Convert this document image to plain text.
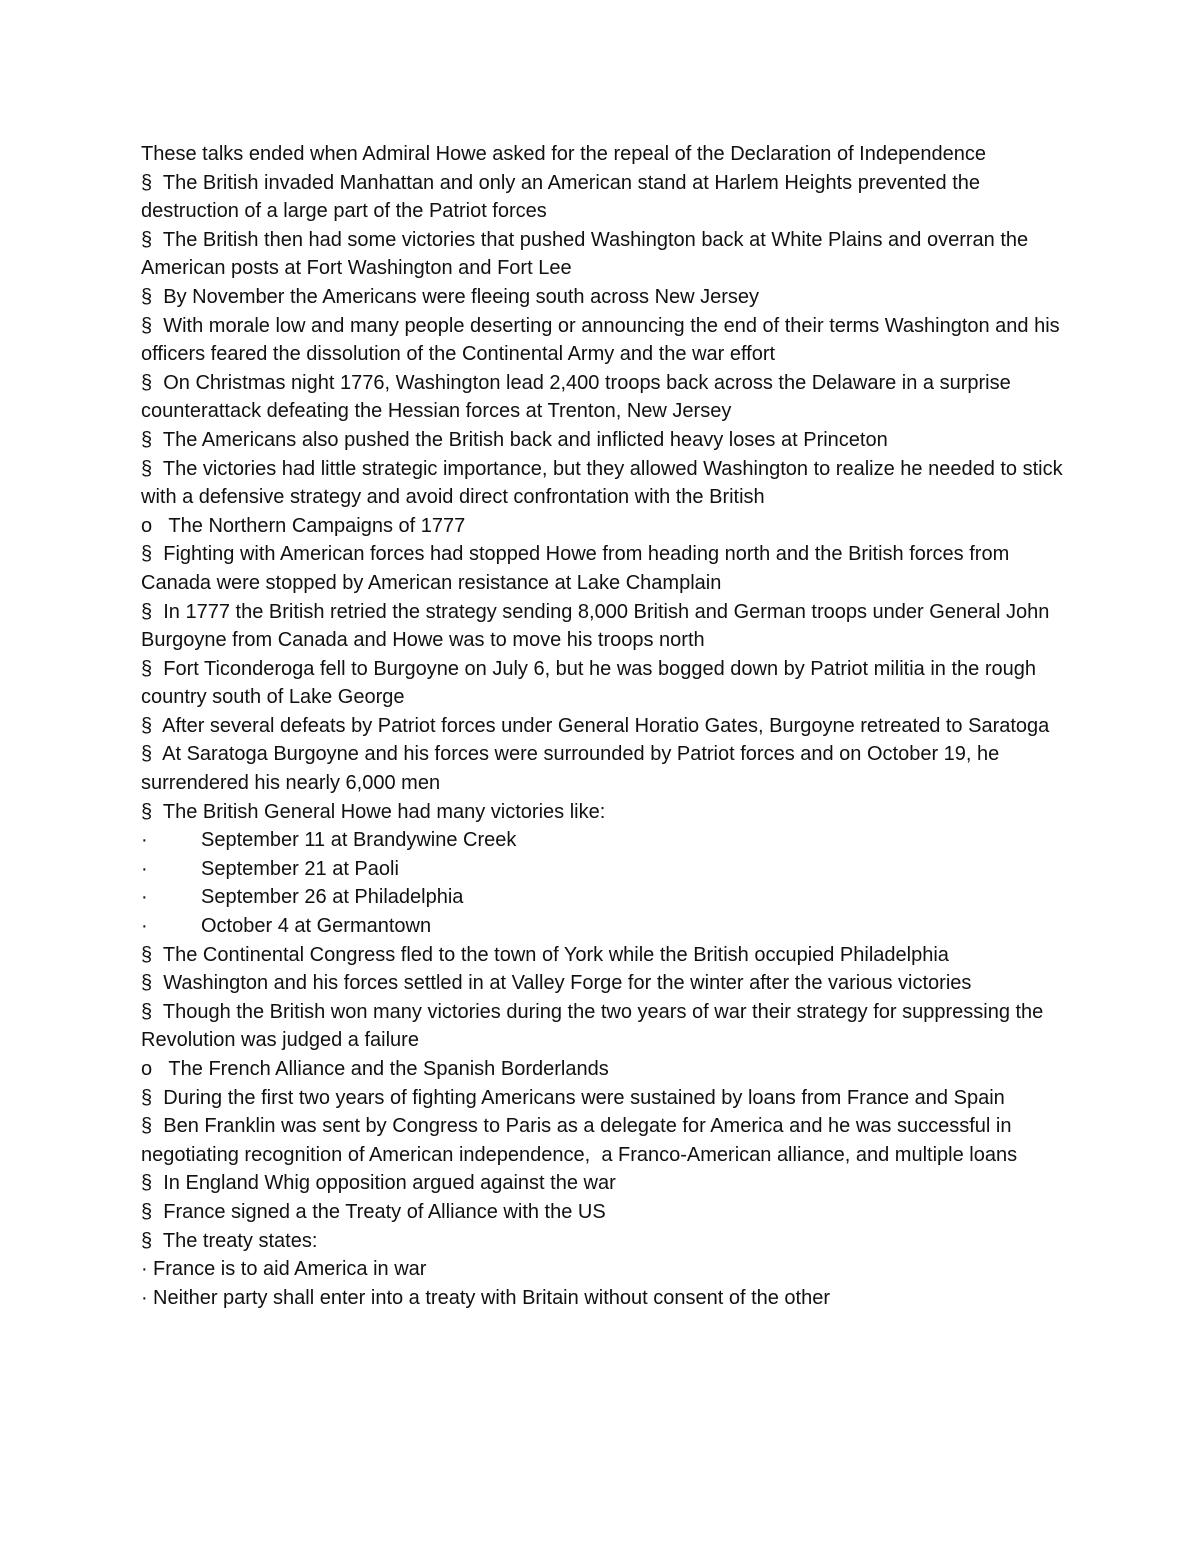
These talks ended when Admiral Howe asked for the repeal of the Declaration of Independence

§  The British invaded Manhattan and only an American stand at Harlem Heights prevented the destruction of a large part of the Patriot forces

§  The British then had some victories that pushed Washington back at White Plains and overran the American posts at Fort Washington and Fort Lee

§  By November the Americans were fleeing south across New Jersey

§  With morale low and many people deserting or announcing the end of their terms Washington and his officers feared the dissolution of the Continental Army and the war effort

§  On Christmas night 1776, Washington lead 2,400 troops back across the Delaware in a surprise counterattack defeating the Hessian forces at Trenton, New Jersey

§  The Americans also pushed the British back and inflicted heavy loses at Princeton

§  The victories had little strategic importance, but they allowed Washington to realize he needed to stick with a defensive strategy and avoid direct confrontation with the British

o   The Northern Campaigns of 1777

§  Fighting with American forces had stopped Howe from heading north and the British forces from Canada were stopped by American resistance at Lake Champlain

§  In 1777 the British retried the strategy sending 8,000 British and German troops under General John Burgoyne from Canada and Howe was to move his troops north

§  Fort Ticonderoga fell to Burgoyne on July 6, but he was bogged down by Patriot militia in the rough country south of Lake George

§  After several defeats by Patriot forces under General Horatio Gates, Burgoyne retreated to Saratoga

§  At Saratoga Burgoyne and his forces were surrounded by Patriot forces and on October 19, he surrendered his nearly 6,000 men

§  The British General Howe had many victories like:

·	September 11 at Brandywine Creek
·	September 21 at Paoli
·	September 26 at Philadelphia
·	October 4 at Germantown

§  The Continental Congress fled to the town of York while the British occupied Philadelphia

§  Washington and his forces settled in at Valley Forge for the winter after the various victories

§  Though the British won many victories during the two years of war their strategy for suppressing the Revolution was judged a failure

o   The French Alliance and the Spanish Borderlands

§  During the first two years of fighting Americans were sustained by loans from France and Spain

§  Ben Franklin was sent by Congress to Paris as a delegate for America and he was successful in negotiating recognition of American independence,  a Franco-American alliance, and multiple loans

§  In England Whig opposition argued against the war

§  France signed a the Treaty of Alliance with the US

§  The treaty states:

· France is to aid America in war
· Neither party shall enter into a treaty with Britain without consent of the other
